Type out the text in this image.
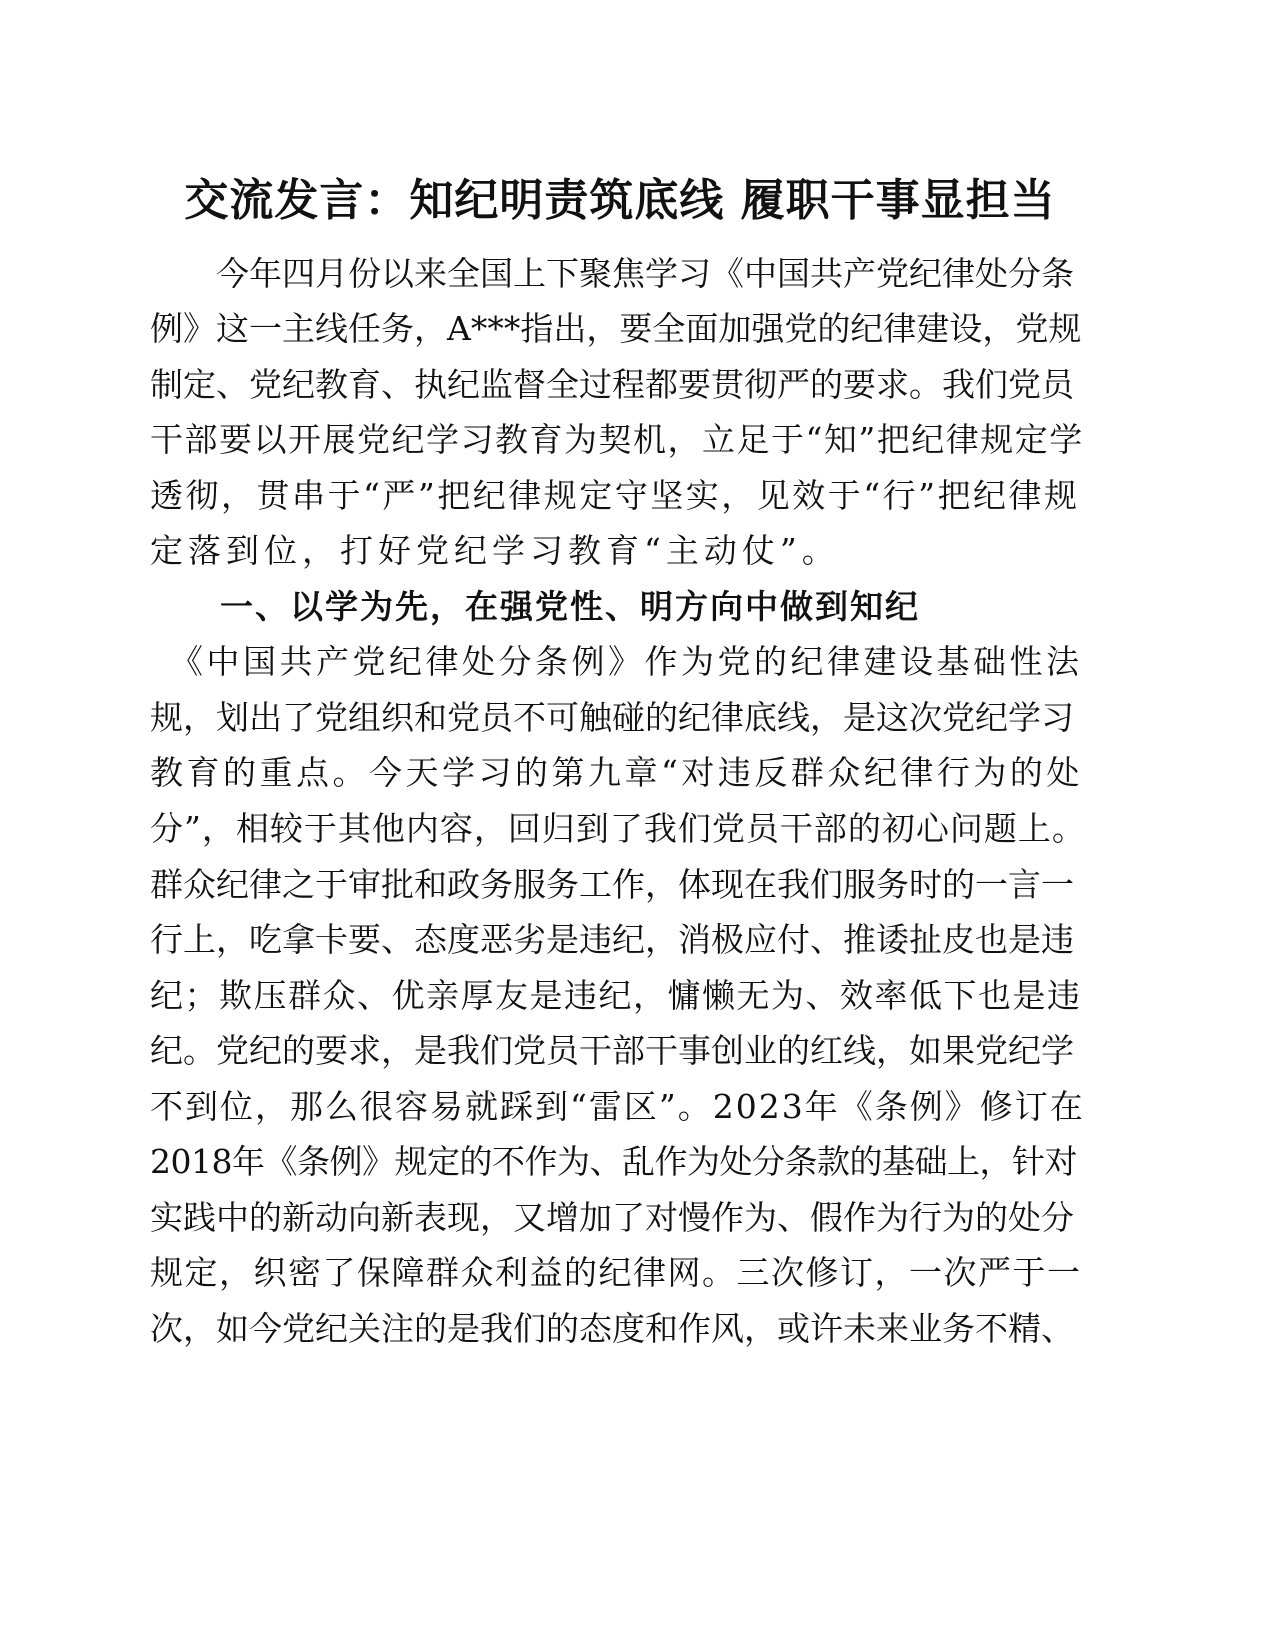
交流发言：知纪明责筑底线 履职干事显担当
　　今年四月份以来全国上下聚焦学习《中国共产党纪律处分条
例》这一主线任务，A***指出，要全面加强党的纪律建设，党规
制定、党纪教育、执纪监督全过程都要贯彻严的要求。我们党员
干部要以开展党纪学习教育为契机，立足于“知”把纪律规定学
透彻，贯串于“严”把纪律规定守坚实，见效于“行”把纪律规
定落到位，打好党纪学习教育“主动仗”。
　　一、以学为先，在强党性、明方向中做到知纪
　《中国共产党纪律处分条例》作为党的纪律建设基础性法
规，划出了党组织和党员不可触碰的纪律底线，是这次党纪学习
教育的重点。今天学习的第九章“对违反群众纪律行为的处
分”，相较于其他内容，回归到了我们党员干部的初心问题上。
群众纪律之于审批和政务服务工作，体现在我们服务时的一言一
行上，吃拿卡要、态度恶劣是违纪，消极应付、推诿扯皮也是违
纪；欺压群众、优亲厚友是违纪，慵懒无为、效率低下也是违
纪。党纪的要求，是我们党员干部干事创业的红线，如果党纪学
不到位，那么很容易就踩到“雷区”。2023年《条例》修订在
2018年《条例》规定的不作为、乱作为处分条款的基础上，针对
实践中的新动向新表现，又增加了对慢作为、假作为行为的处分
规定，织密了保障群众利益的纪律网。三次修订，一次严于一
次，如今党纪关注的是我们的态度和作风，或许未来业务不精、
